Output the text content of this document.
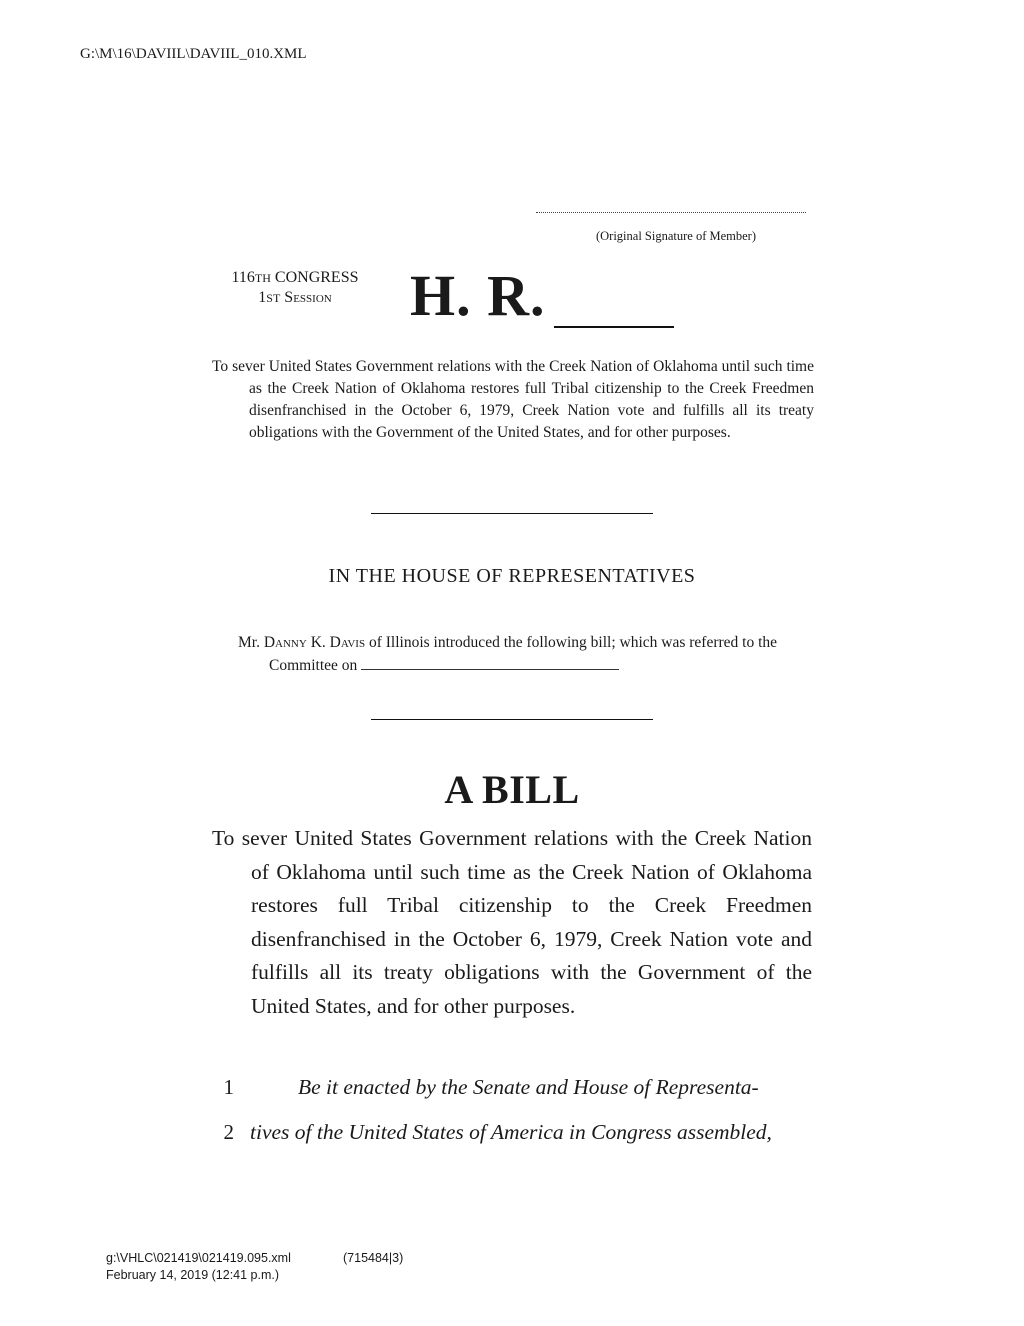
G:\M\16\DAVIIL\DAVIIL_010.XML
(Original Signature of Member)
116TH CONGRESS
1ST Session	H. R.
To sever United States Government relations with the Creek Nation of Oklahoma until such time as the Creek Nation of Oklahoma restores full Tribal citizenship to the Creek Freedmen disenfranchised in the October 6, 1979, Creek Nation vote and fulfills all its treaty obligations with the Government of the United States, and for other purposes.
IN THE HOUSE OF REPRESENTATIVES
Mr. Danny K. Davis of Illinois introduced the following bill; which was referred to the Committee on
A BILL
To sever United States Government relations with the Creek Nation of Oklahoma until such time as the Creek Nation of Oklahoma restores full Tribal citizenship to the Creek Freedmen disenfranchised in the October 6, 1979, Creek Nation vote and fulfills all its treaty obligations with the Government of the United States, and for other purposes.
1	Be it enacted by the Senate and House of Representa-
2 tives of the United States of America in Congress assembled,
g:\VHLC\021419\021419.095.xml	(715484|3)
February 14, 2019 (12:41 p.m.)
